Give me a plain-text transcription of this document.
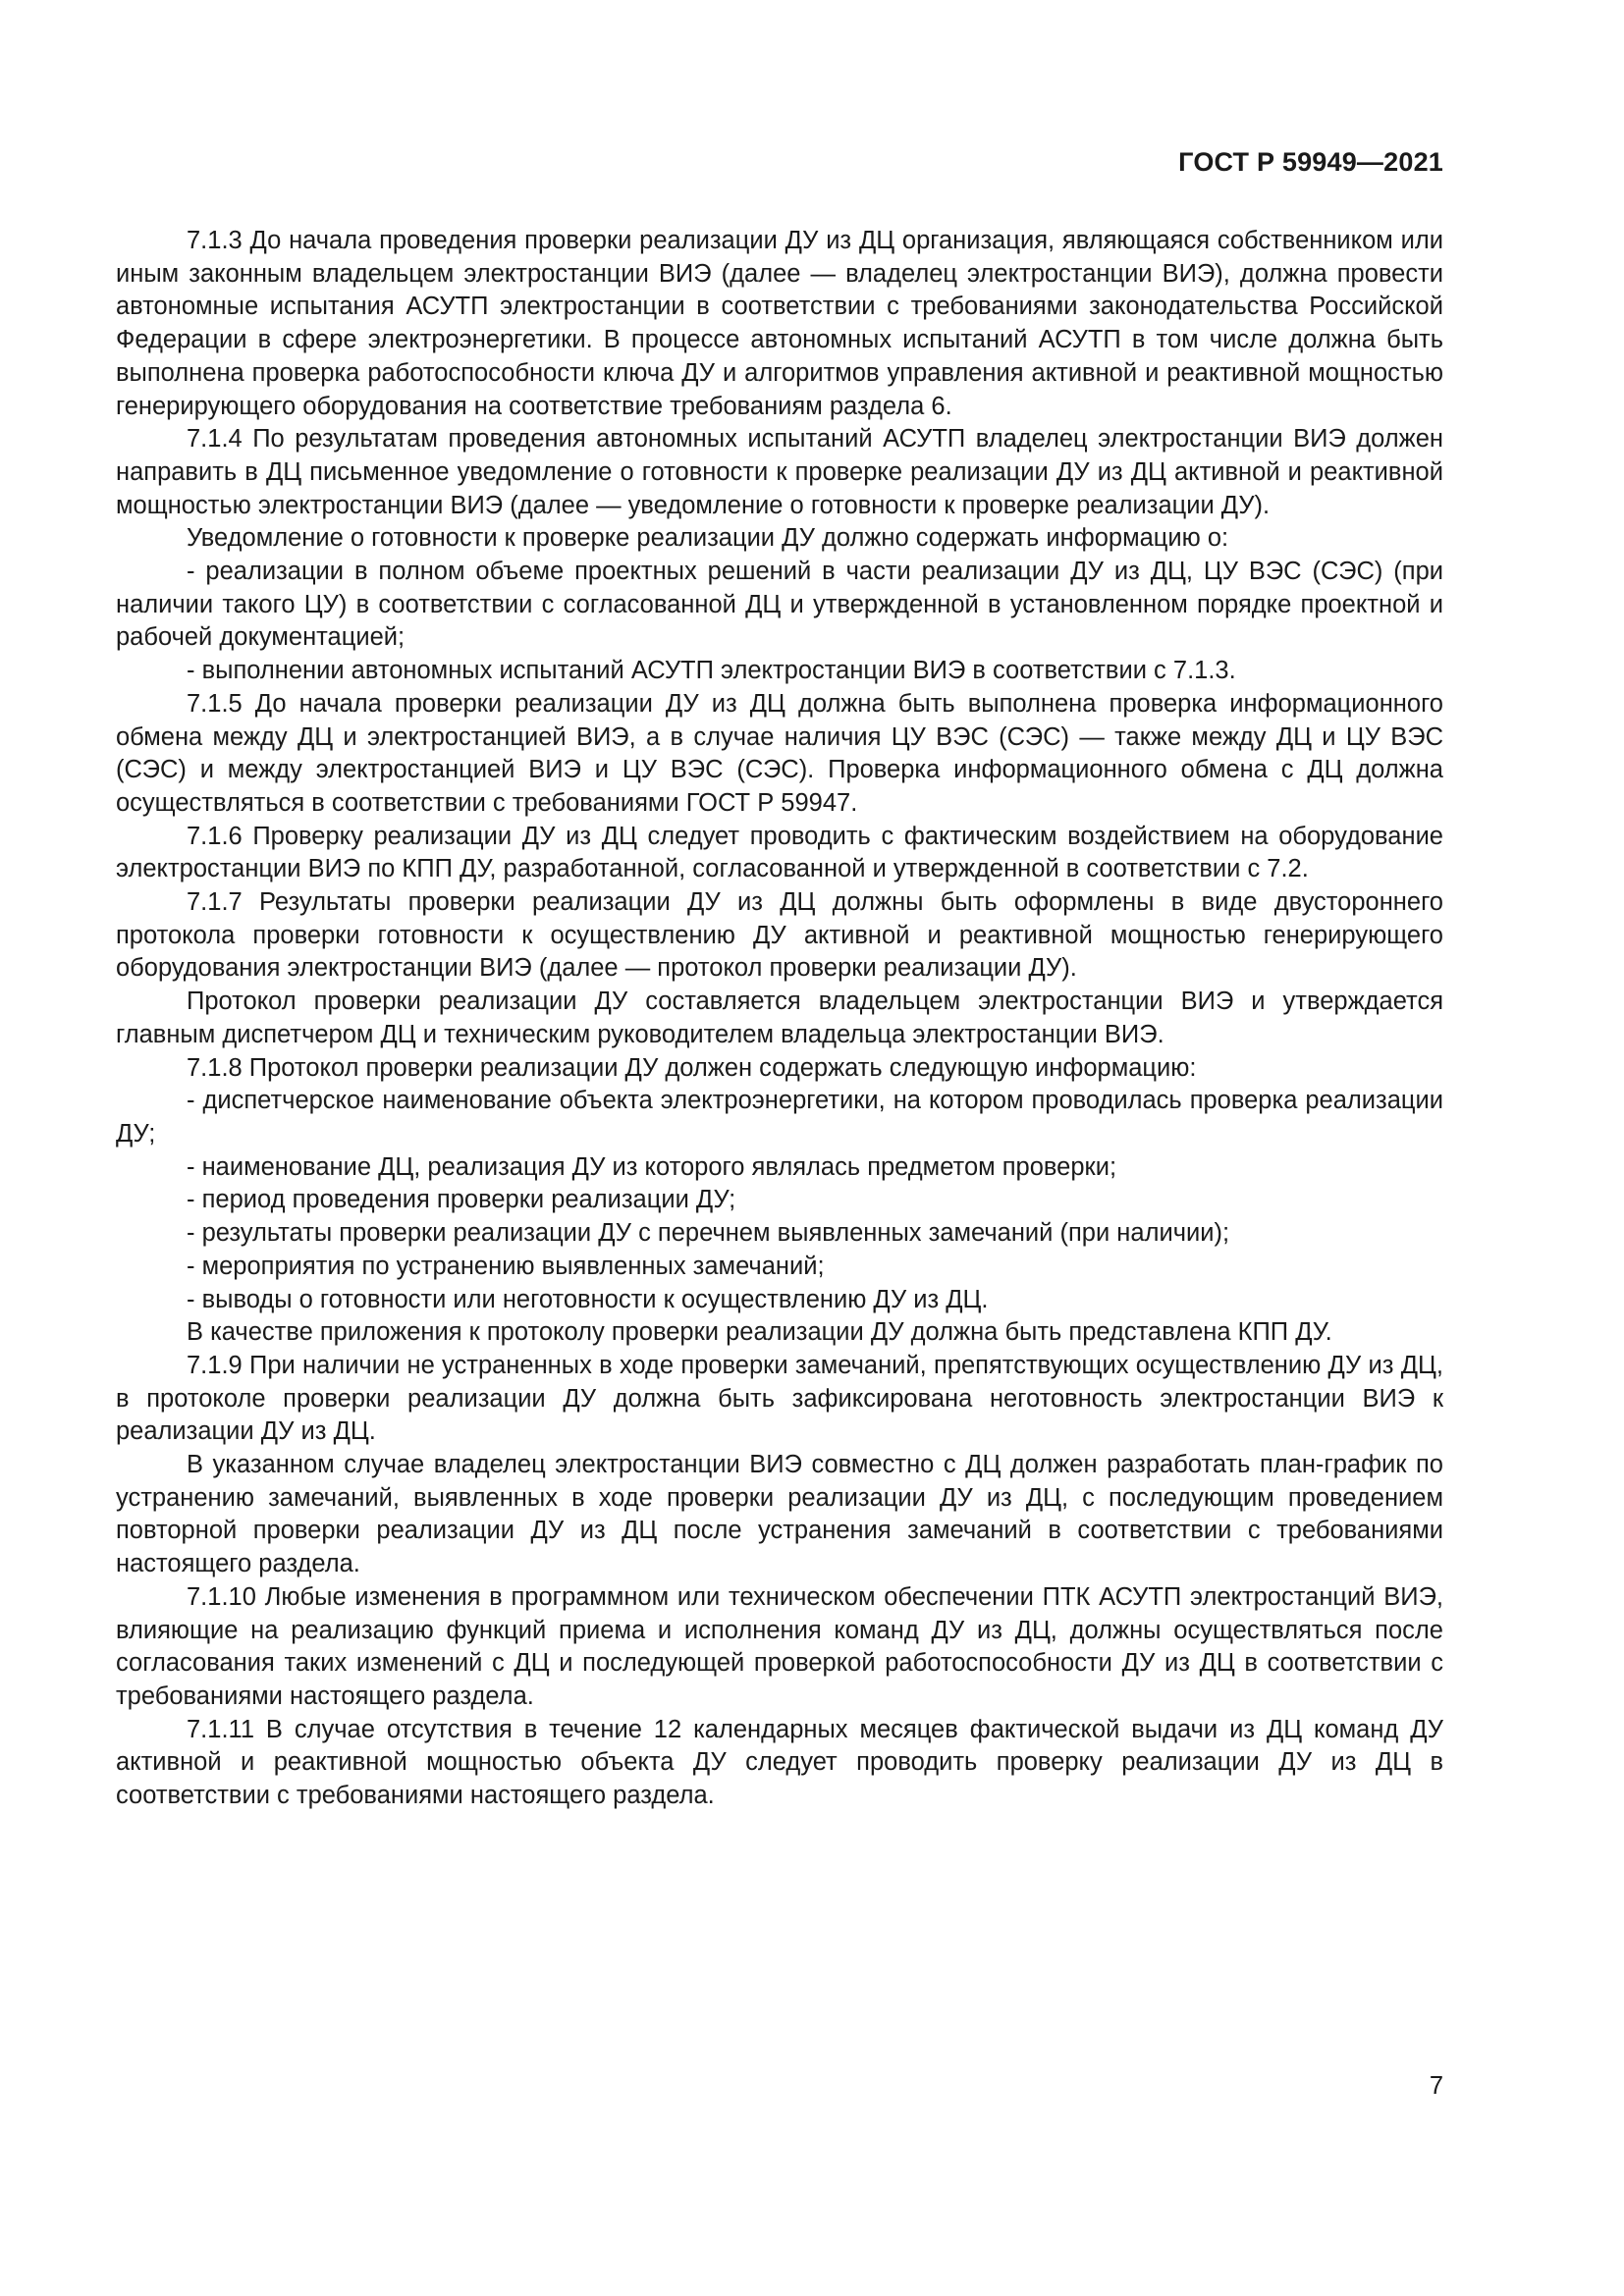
ГОСТ Р 59949—2021

7.1.3 До начала проведения проверки реализации ДУ из ДЦ организация, являющаяся собственником или иным законным владельцем электростанции ВИЭ (далее — владелец электростанции ВИЭ), должна провести автономные испытания АСУТП электростанции в соответствии с требованиями законодательства Российской Федерации в сфере электроэнергетики. В процессе автономных испытаний АСУТП в том числе должна быть выполнена проверка работоспособности ключа ДУ и алгоритмов управления активной и реактивной мощностью генерирующего оборудования на соответствие требованиям раздела 6.

7.1.4 По результатам проведения автономных испытаний АСУТП владелец электростанции ВИЭ должен направить в ДЦ письменное уведомление о готовности к проверке реализации ДУ из ДЦ активной и реактивной мощностью электростанции ВИЭ (далее — уведомление о готовности к проверке реализации ДУ).

Уведомление о готовности к проверке реализации ДУ должно содержать информацию о:

- реализации в полном объеме проектных решений в части реализации ДУ из ДЦ, ЦУ ВЭС (СЭС) (при наличии такого ЦУ) в соответствии с согласованной ДЦ и утвержденной в установленном порядке проектной и рабочей документацией;

- выполнении автономных испытаний АСУТП электростанции ВИЭ в соответствии с 7.1.3.

7.1.5 До начала проверки реализации ДУ из ДЦ должна быть выполнена проверка информационного обмена между ДЦ и электростанцией ВИЭ, а в случае наличия ЦУ ВЭС (СЭС) — также между ДЦ и ЦУ ВЭС (СЭС) и между электростанцией ВИЭ и ЦУ ВЭС (СЭС). Проверка информационного обмена с ДЦ должна осуществляться в соответствии с требованиями ГОСТ Р 59947.

7.1.6 Проверку реализации ДУ из ДЦ следует проводить с фактическим воздействием на оборудование электростанции ВИЭ по КПП ДУ, разработанной, согласованной и утвержденной в соответствии с 7.2.

7.1.7 Результаты проверки реализации ДУ из ДЦ должны быть оформлены в виде двустороннего протокола проверки готовности к осуществлению ДУ активной и реактивной мощностью генерирующего оборудования электростанции ВИЭ (далее — протокол проверки реализации ДУ).

Протокол проверки реализации ДУ составляется владельцем электростанции ВИЭ и утверждается главным диспетчером ДЦ и техническим руководителем владельца электростанции ВИЭ.

7.1.8 Протокол проверки реализации ДУ должен содержать следующую информацию:

- диспетчерское наименование объекта электроэнергетики, на котором проводилась проверка реализации ДУ;

- наименование ДЦ, реализация ДУ из которого являлась предметом проверки;

- период проведения проверки реализации ДУ;

- результаты проверки реализации ДУ с перечнем выявленных замечаний (при наличии);

- мероприятия по устранению выявленных замечаний;

- выводы о готовности или неготовности к осуществлению ДУ из ДЦ.

В качестве приложения к протоколу проверки реализации ДУ должна быть представлена КПП ДУ.

7.1.9 При наличии не устраненных в ходе проверки замечаний, препятствующих осуществлению ДУ из ДЦ, в протоколе проверки реализации ДУ должна быть зафиксирована неготовность электростанции ВИЭ к реализации ДУ из ДЦ.

В указанном случае владелец электростанции ВИЭ совместно с ДЦ должен разработать план-график по устранению замечаний, выявленных в ходе проверки реализации ДУ из ДЦ, с последующим проведением повторной проверки реализации ДУ из ДЦ после устранения замечаний в соответствии с требованиями настоящего раздела.

7.1.10 Любые изменения в программном или техническом обеспечении ПТК АСУТП электростанций ВИЭ, влияющие на реализацию функций приема и исполнения команд ДУ из ДЦ, должны осуществляться после согласования таких изменений с ДЦ и последующей проверкой работоспособности ДУ из ДЦ в соответствии с требованиями настоящего раздела.

7.1.11 В случае отсутствия в течение 12 календарных месяцев фактической выдачи из ДЦ команд ДУ активной и реактивной мощностью объекта ДУ следует проводить проверку реализации ДУ из ДЦ в соответствии с требованиями настоящего раздела.

7
